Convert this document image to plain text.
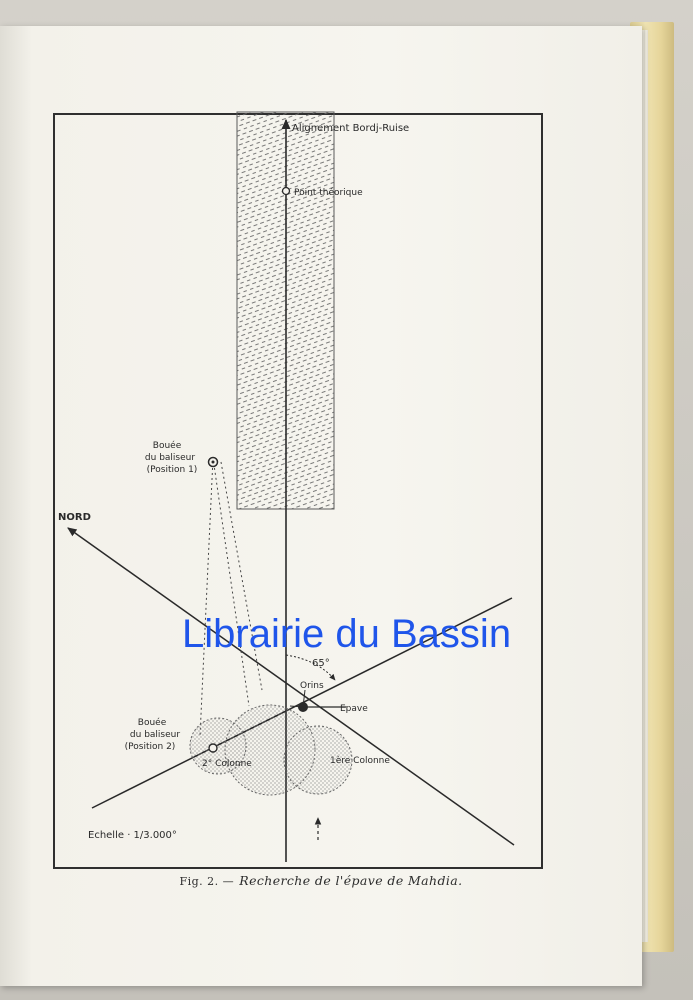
Alignement Bordj-Ruise
Point théorique
Bouée
du baliseur
(Position 1)
NORD
65°
Orins
Epave
Bouée
du baliseur
(Position 2)
2° Colonne	1ère Colonne
Echelle · 1/3.000°
Fig. 2. — Recherche de l'épave de Mahdia.
Librairie du Bassin
